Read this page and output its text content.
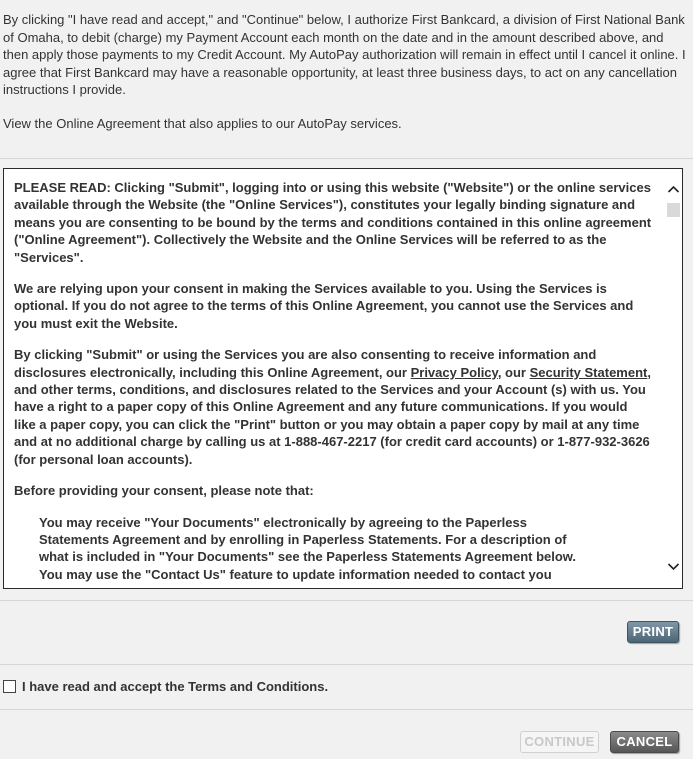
By clicking "I have read and accept," and "Continue" below, I authorize First Bankcard, a division of First National Bank of Omaha, to debit (charge) my Payment Account each month on the date and in the amount described above, and then apply those payments to my Credit Account. My AutoPay authorization will remain in effect until I cancel it online. I agree that First Bankcard may have a reasonable opportunity, at least three business days, to act on any cancellation instructions I provide.

View the Online Agreement that also applies to our AutoPay services.

PLEASE READ: Clicking "Submit", logging into or using this website ("Website") or the online services available through the Website (the "Online Services"), constitutes your legally binding signature and means you are consenting to be bound by the terms and conditions contained in this online agreement ("Online Agreement"). Collectively the Website and the Online Services will be referred to as the "Services".

We are relying upon your consent in making the Services available to you. Using the Services is optional. If you do not agree to the terms of this Online Agreement, you cannot use the Services and you must exit the Website.

By clicking "Submit" or using the Services you are also consenting to receive information and disclosures electronically, including this Online Agreement, our Privacy Policy, our Security Statement, and other terms, conditions, and disclosures related to the Services and your Account (s) with us. You have a right to a paper copy of this Online Agreement and any future communications. If you would like a paper copy, you can click the "Print" button or you may obtain a paper copy by mail at any time and at no additional charge by calling us at 1-888-467-2217 (for credit card accounts) or 1-877-932-3626 (for personal loan accounts).

Before providing your consent, please note that:

You may receive "Your Documents" electronically by agreeing to the Paperless Statements Agreement and by enrolling in Paperless Statements. For a description of what is included in "Your Documents" see the Paperless Statements Agreement below. You may use the "Contact Us" feature to update information needed to contact you

PRINT
I have read and accept the Terms and Conditions.
CONTINUE	CANCEL
